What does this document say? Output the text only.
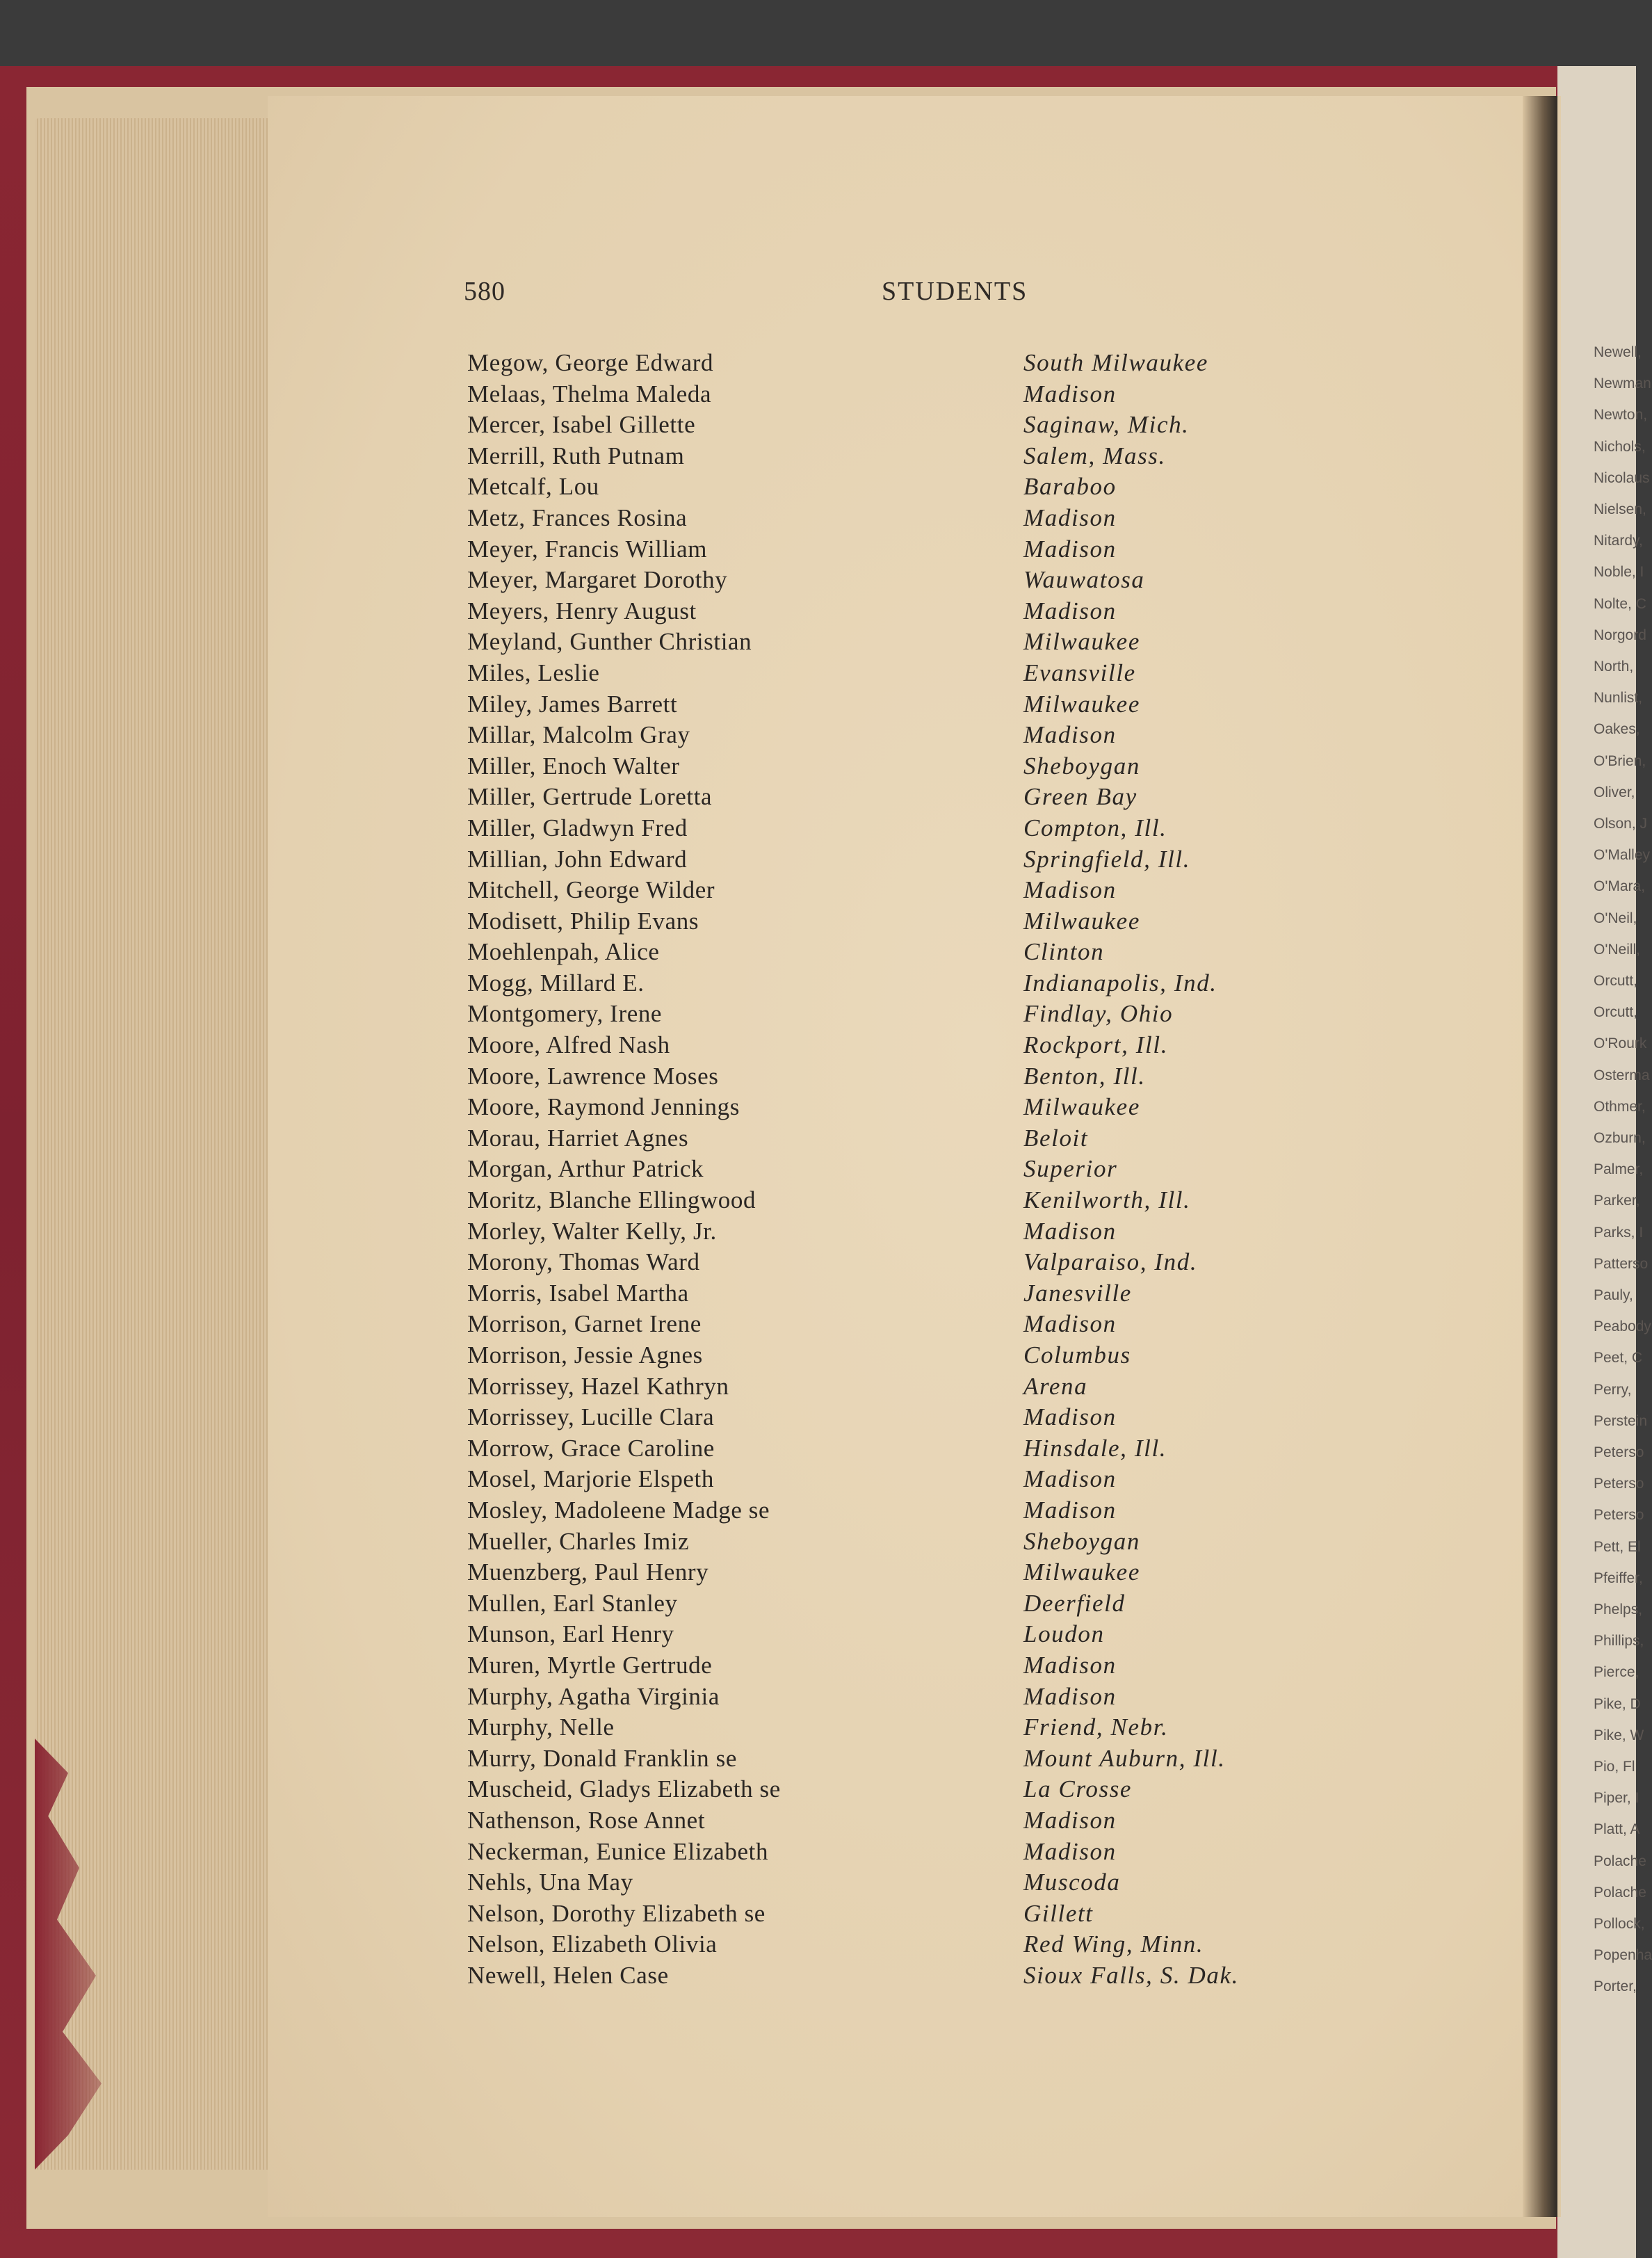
Newell,
Newman
Newton,
Nichols,
Nicolaus
Nielsen,
Nitardy,
Noble, I
Nolte, C
Norgord
North,
Nunlist,
Oakes,
O'Brien,
Oliver,
Olson, J
O'Malley
O'Mara,
O'Neil,
O'Neill,
Orcutt,
Orcutt,
O'Rourk
Osterma
Othmer,
Ozburn,
Palmer,
Parker,
Parks, I
Patterso
Pauly,
Peabody
Peet, C
Perry,
Perstein
Peterso
Peterso
Peterso
Pett, El
Pfeiffer,
Phelps,
Phillips,
Pierce,
Pike, D
Pike, W
Pio, Fl
Piper, I
Platt, A
Polache
Polache
Pollock,
Popenha
Porter,
580	STUDENTS
Megow, George Edward	South Milwaukee
Melaas, Thelma Maleda	Madison
Mercer, Isabel Gillette	Saginaw, Mich.
Merrill, Ruth Putnam	Salem, Mass.
Metcalf, Lou	Baraboo
Metz, Frances Rosina	Madison
Meyer, Francis William	Madison
Meyer, Margaret Dorothy	Wauwatosa
Meyers, Henry August	Madison
Meyland, Gunther Christian	Milwaukee
Miles, Leslie	Evansville
Miley, James Barrett	Milwaukee
Millar, Malcolm Gray	Madison
Miller, Enoch Walter	Sheboygan
Miller, Gertrude Loretta	Green Bay
Miller, Gladwyn Fred	Compton, Ill.
Millian, John Edward	Springfield, Ill.
Mitchell, George Wilder	Madison
Modisett, Philip Evans	Milwaukee
Moehlenpah, Alice	Clinton
Mogg, Millard E.	Indianapolis, Ind.
Montgomery, Irene	Findlay, Ohio
Moore, Alfred Nash	Rockport, Ill.
Moore, Lawrence Moses	Benton, Ill.
Moore, Raymond Jennings	Milwaukee
Morau, Harriet Agnes	Beloit
Morgan, Arthur Patrick	Superior
Moritz, Blanche Ellingwood	Kenilworth, Ill.
Morley, Walter Kelly, Jr.	Madison
Morony, Thomas Ward	Valparaiso, Ind.
Morris, Isabel Martha	Janesville
Morrison, Garnet Irene	Madison
Morrison, Jessie Agnes	Columbus
Morrissey, Hazel Kathryn	Arena
Morrissey, Lucille Clara	Madison
Morrow, Grace Caroline	Hinsdale, Ill.
Mosel, Marjorie Elspeth	Madison
Mosley, Madoleene Madge se	Madison
Mueller, Charles Imiz	Sheboygan
Muenzberg, Paul Henry	Milwaukee
Mullen, Earl Stanley	Deerfield
Munson, Earl Henry	Loudon
Muren, Myrtle Gertrude	Madison
Murphy, Agatha Virginia	Madison
Murphy, Nelle	Friend, Nebr.
Murry, Donald Franklin se	Mount Auburn, Ill.
Muscheid, Gladys Elizabeth se	La Crosse
Nathenson, Rose Annet	Madison
Neckerman, Eunice Elizabeth	Madison
Nehls, Una May	Muscoda
Nelson, Dorothy Elizabeth se	Gillett
Nelson, Elizabeth Olivia	Red Wing, Minn.
Newell, Helen Case	Sioux Falls, S. Dak.
